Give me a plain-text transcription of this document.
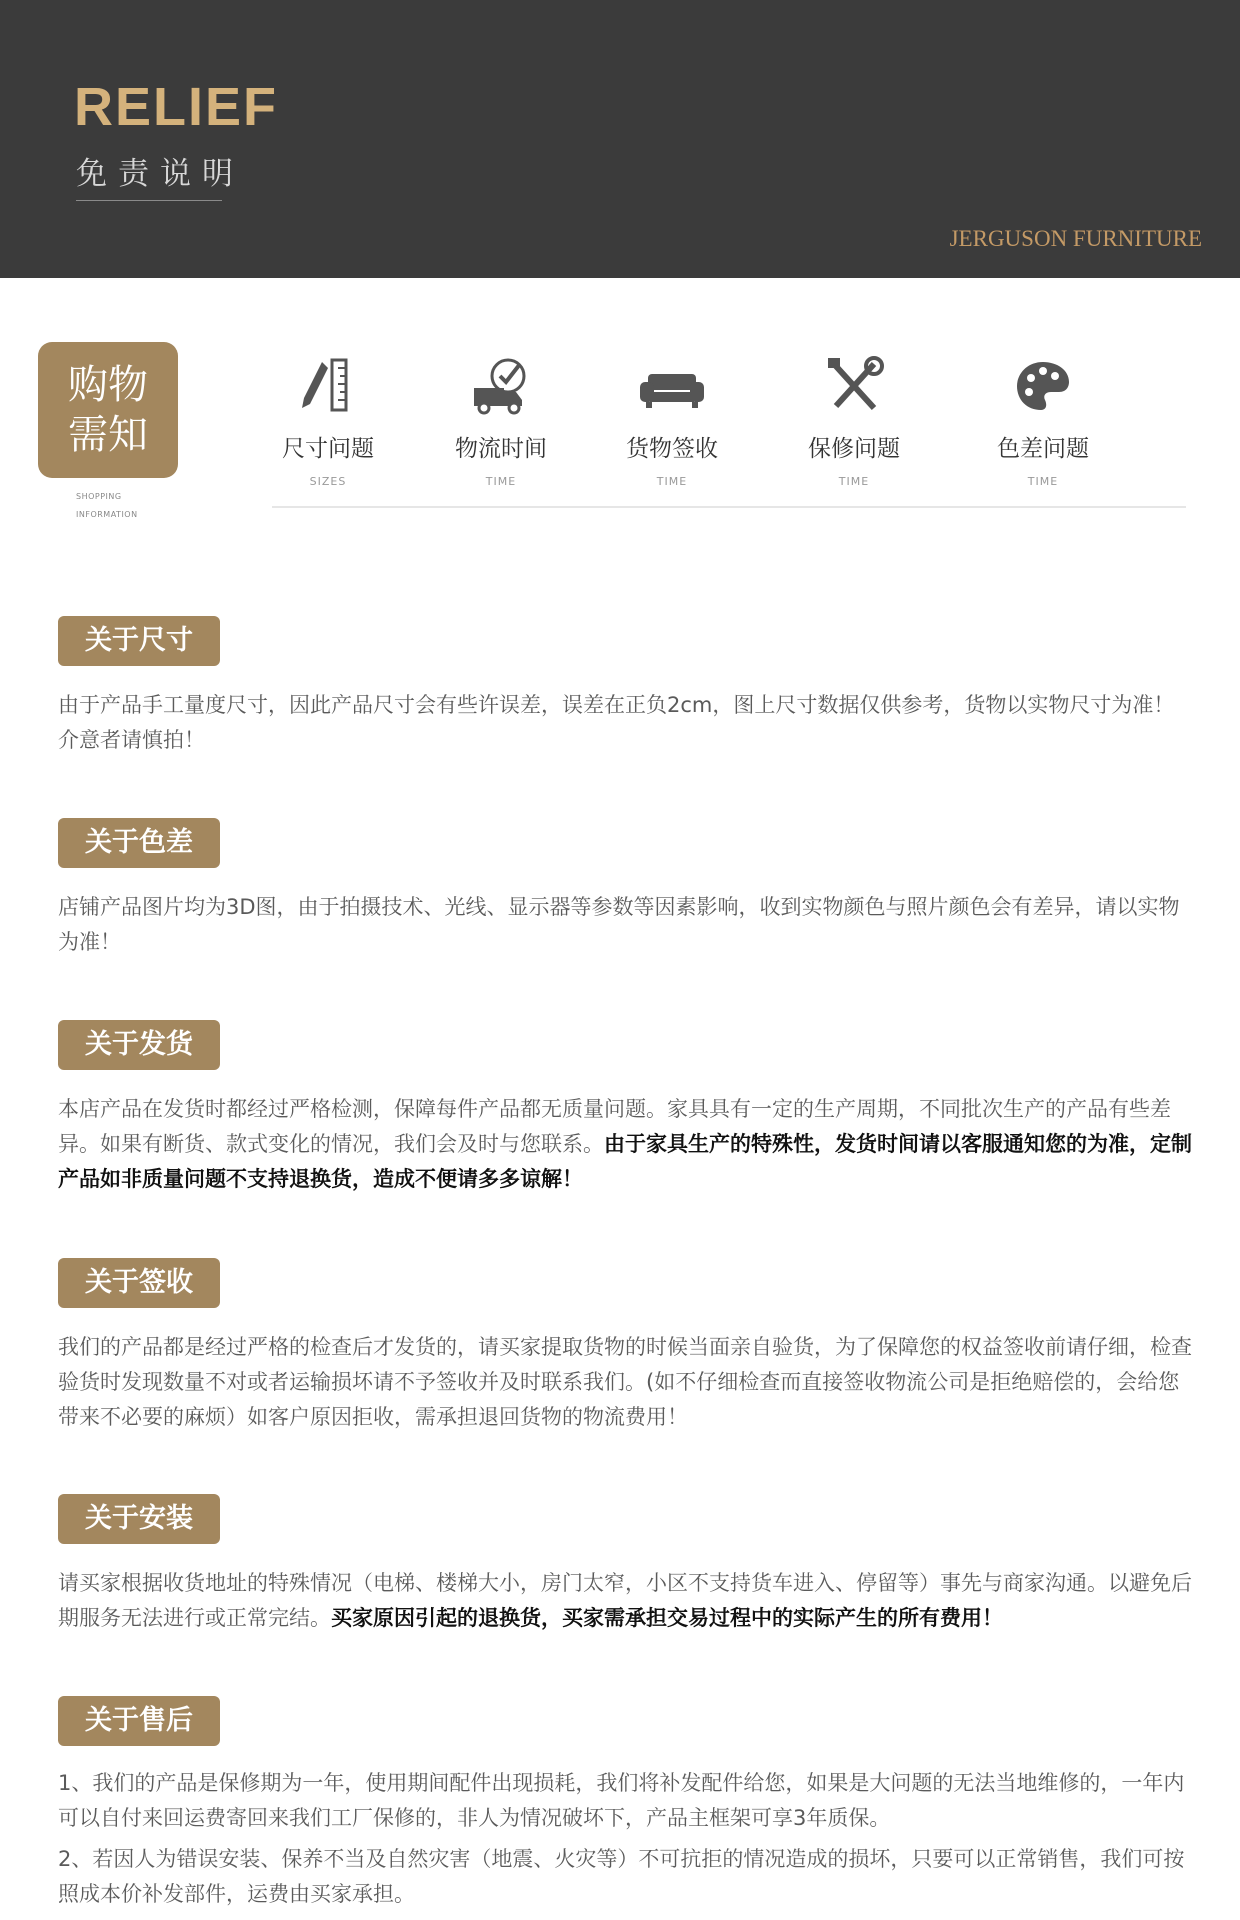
RELIEF
免责说明
JERGUSON FURNITURE
购物
需知
SHOPPING
INFORMATION
尺寸问题
SIZES
物流时间
TIME
货物签收
TIME
保修问题
TIME
色差问题
TIME
关于尺寸
由于产品手工量度尺寸，因此产品尺寸会有些许误差，误差在正负2cm，图上尺寸数据仅供参考，货物以实物尺寸为准！介意者请慎拍！
关于色差
店铺产品图片均为3D图，由于拍摄技术、光线、显示器等参数等因素影响，收到实物颜色与照片颜色会有差异，请以实物为准！
关于发货
本店产品在发货时都经过严格检测，保障每件产品都无质量问题。家具具有一定的生产周期，不同批次生产的产品有些差异。如果有断货、款式变化的情况，我们会及时与您联系。由于家具生产的特殊性，发货时间请以客服通知您的为准，定制产品如非质量问题不支持退换货，造成不便请多多谅解！
关于签收
我们的产品都是经过严格的检查后才发货的，请买家提取货物的时候当面亲自验货，为了保障您的权益签收前请仔细，检查验货时发现数量不对或者运输损坏请不予签收并及时联系我们。(如不仔细检查而直接签收物流公司是拒绝赔偿的，会给您带来不必要的麻烦）如客户原因拒收，需承担退回货物的物流费用！
关于安装
请买家根据收货地址的特殊情况（电梯、楼梯大小，房门太窄，小区不支持货车进入、停留等）事先与商家沟通。以避免后期服务无法进行或正常完结。买家原因引起的退换货，买家需承担交易过程中的实际产生的所有费用！
关于售后

1、我们的产品是保修期为一年，使用期间配件出现损耗，我们将补发配件给您，如果是大问题的无法当地维修的，一年内可以自付来回运费寄回来我们工厂保修的，非人为情况破坏下，产品主框架可享3年质保。

2、若因人为错误安装、保养不当及自然灾害（地震、火灾等）不可抗拒的情况造成的损坏，只要可以正常销售，我们可按照成本价补发部件，运费由买家承担。
